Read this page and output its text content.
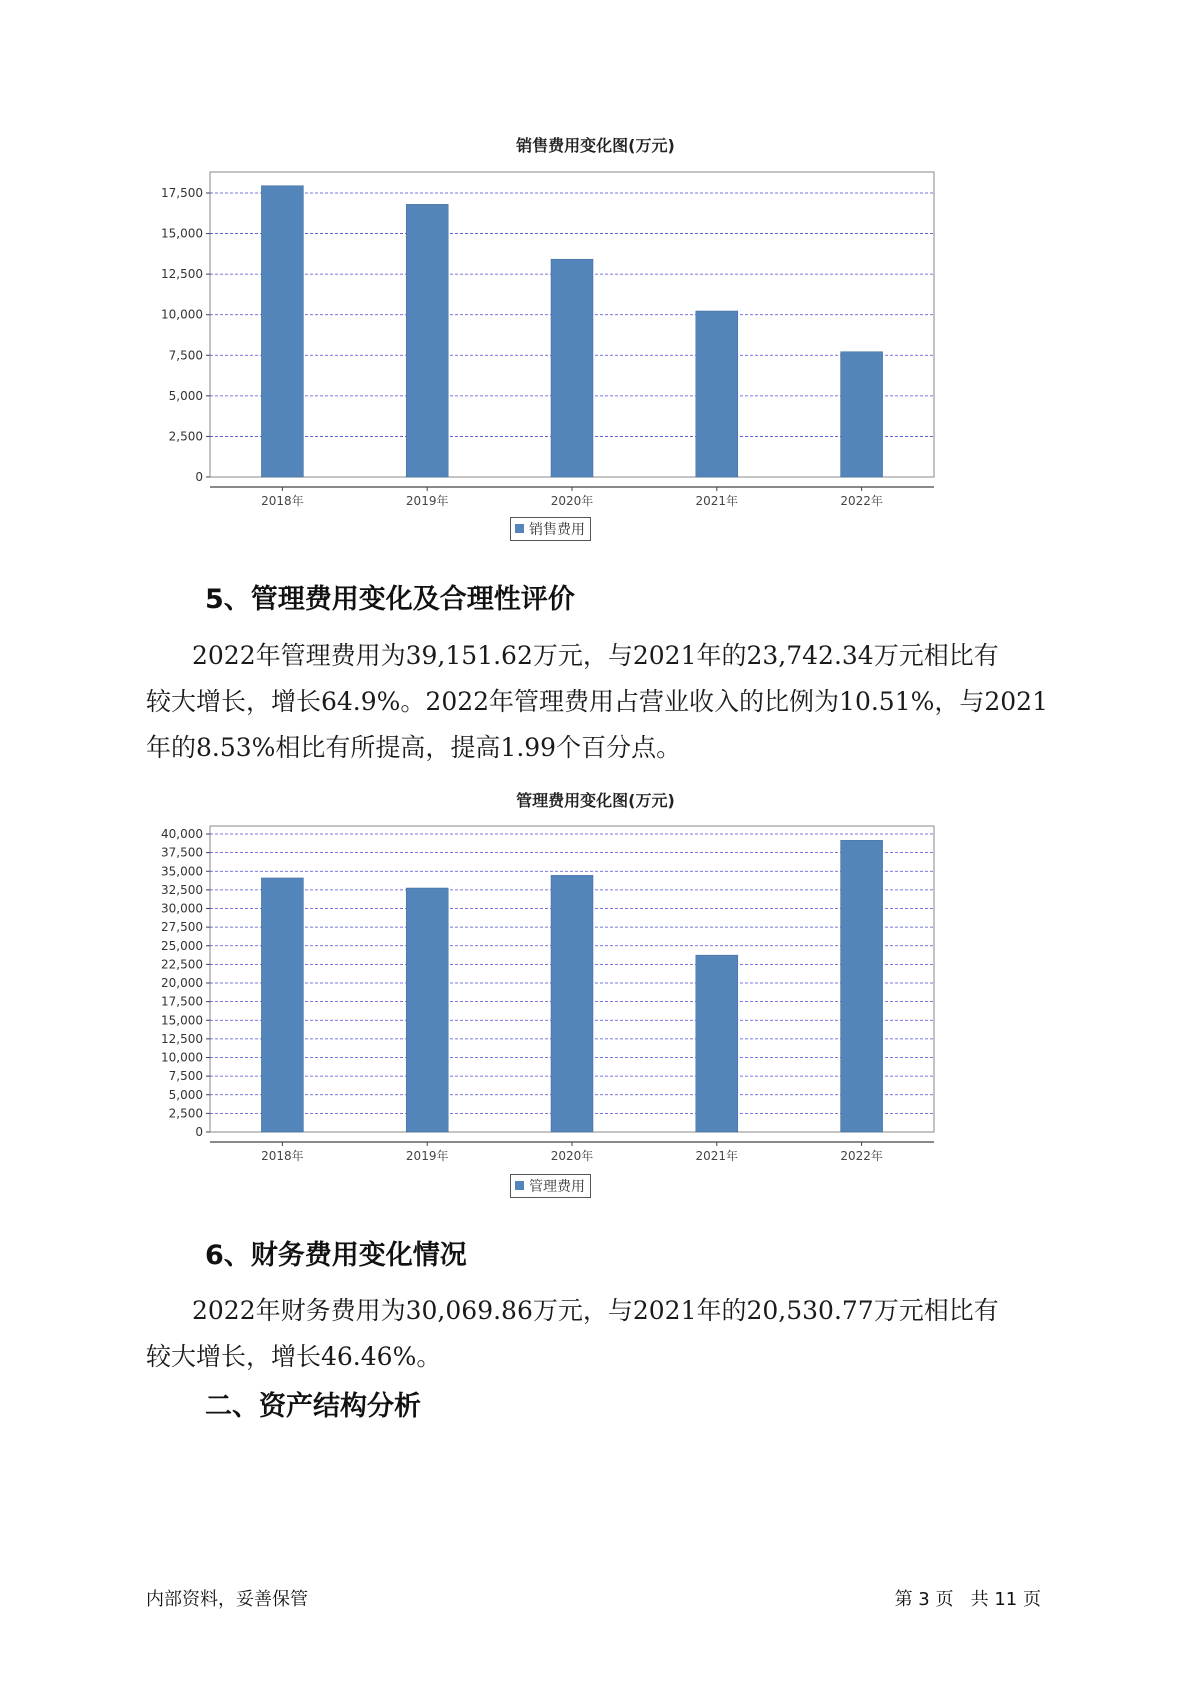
销售费用变化图(万元)
0
2,500
5,000
7,500
10,000
12,500
15,000
17,500
2018年	2019年	2020年	2021年	2022年
销售费用
5、管理费用变化及合理性评价
2022年管理费用为39,151.62万元，与2021年的23,742.34万元相比有
较大增长，增长64.9%。2022年管理费用占营业收入的比例为10.51%，与2021
年的8.53%相比有所提高，提高1.99个百分点。
管理费用变化图(万元)
0
2,500
5,000
7,500
10,000
12,500
15,000
17,500
20,000
22,500
25,000
27,500
30,000
32,500
35,000
37,500
40,000
2018年	2019年	2020年	2021年	2022年
管理费用
6、财务费用变化情况
2022年财务费用为30,069.86万元，与2021年的20,530.77万元相比有
较大增长，增长46.46%。
二、资产结构分析
内部资料，妥善保管	第 3 页   共 11 页
